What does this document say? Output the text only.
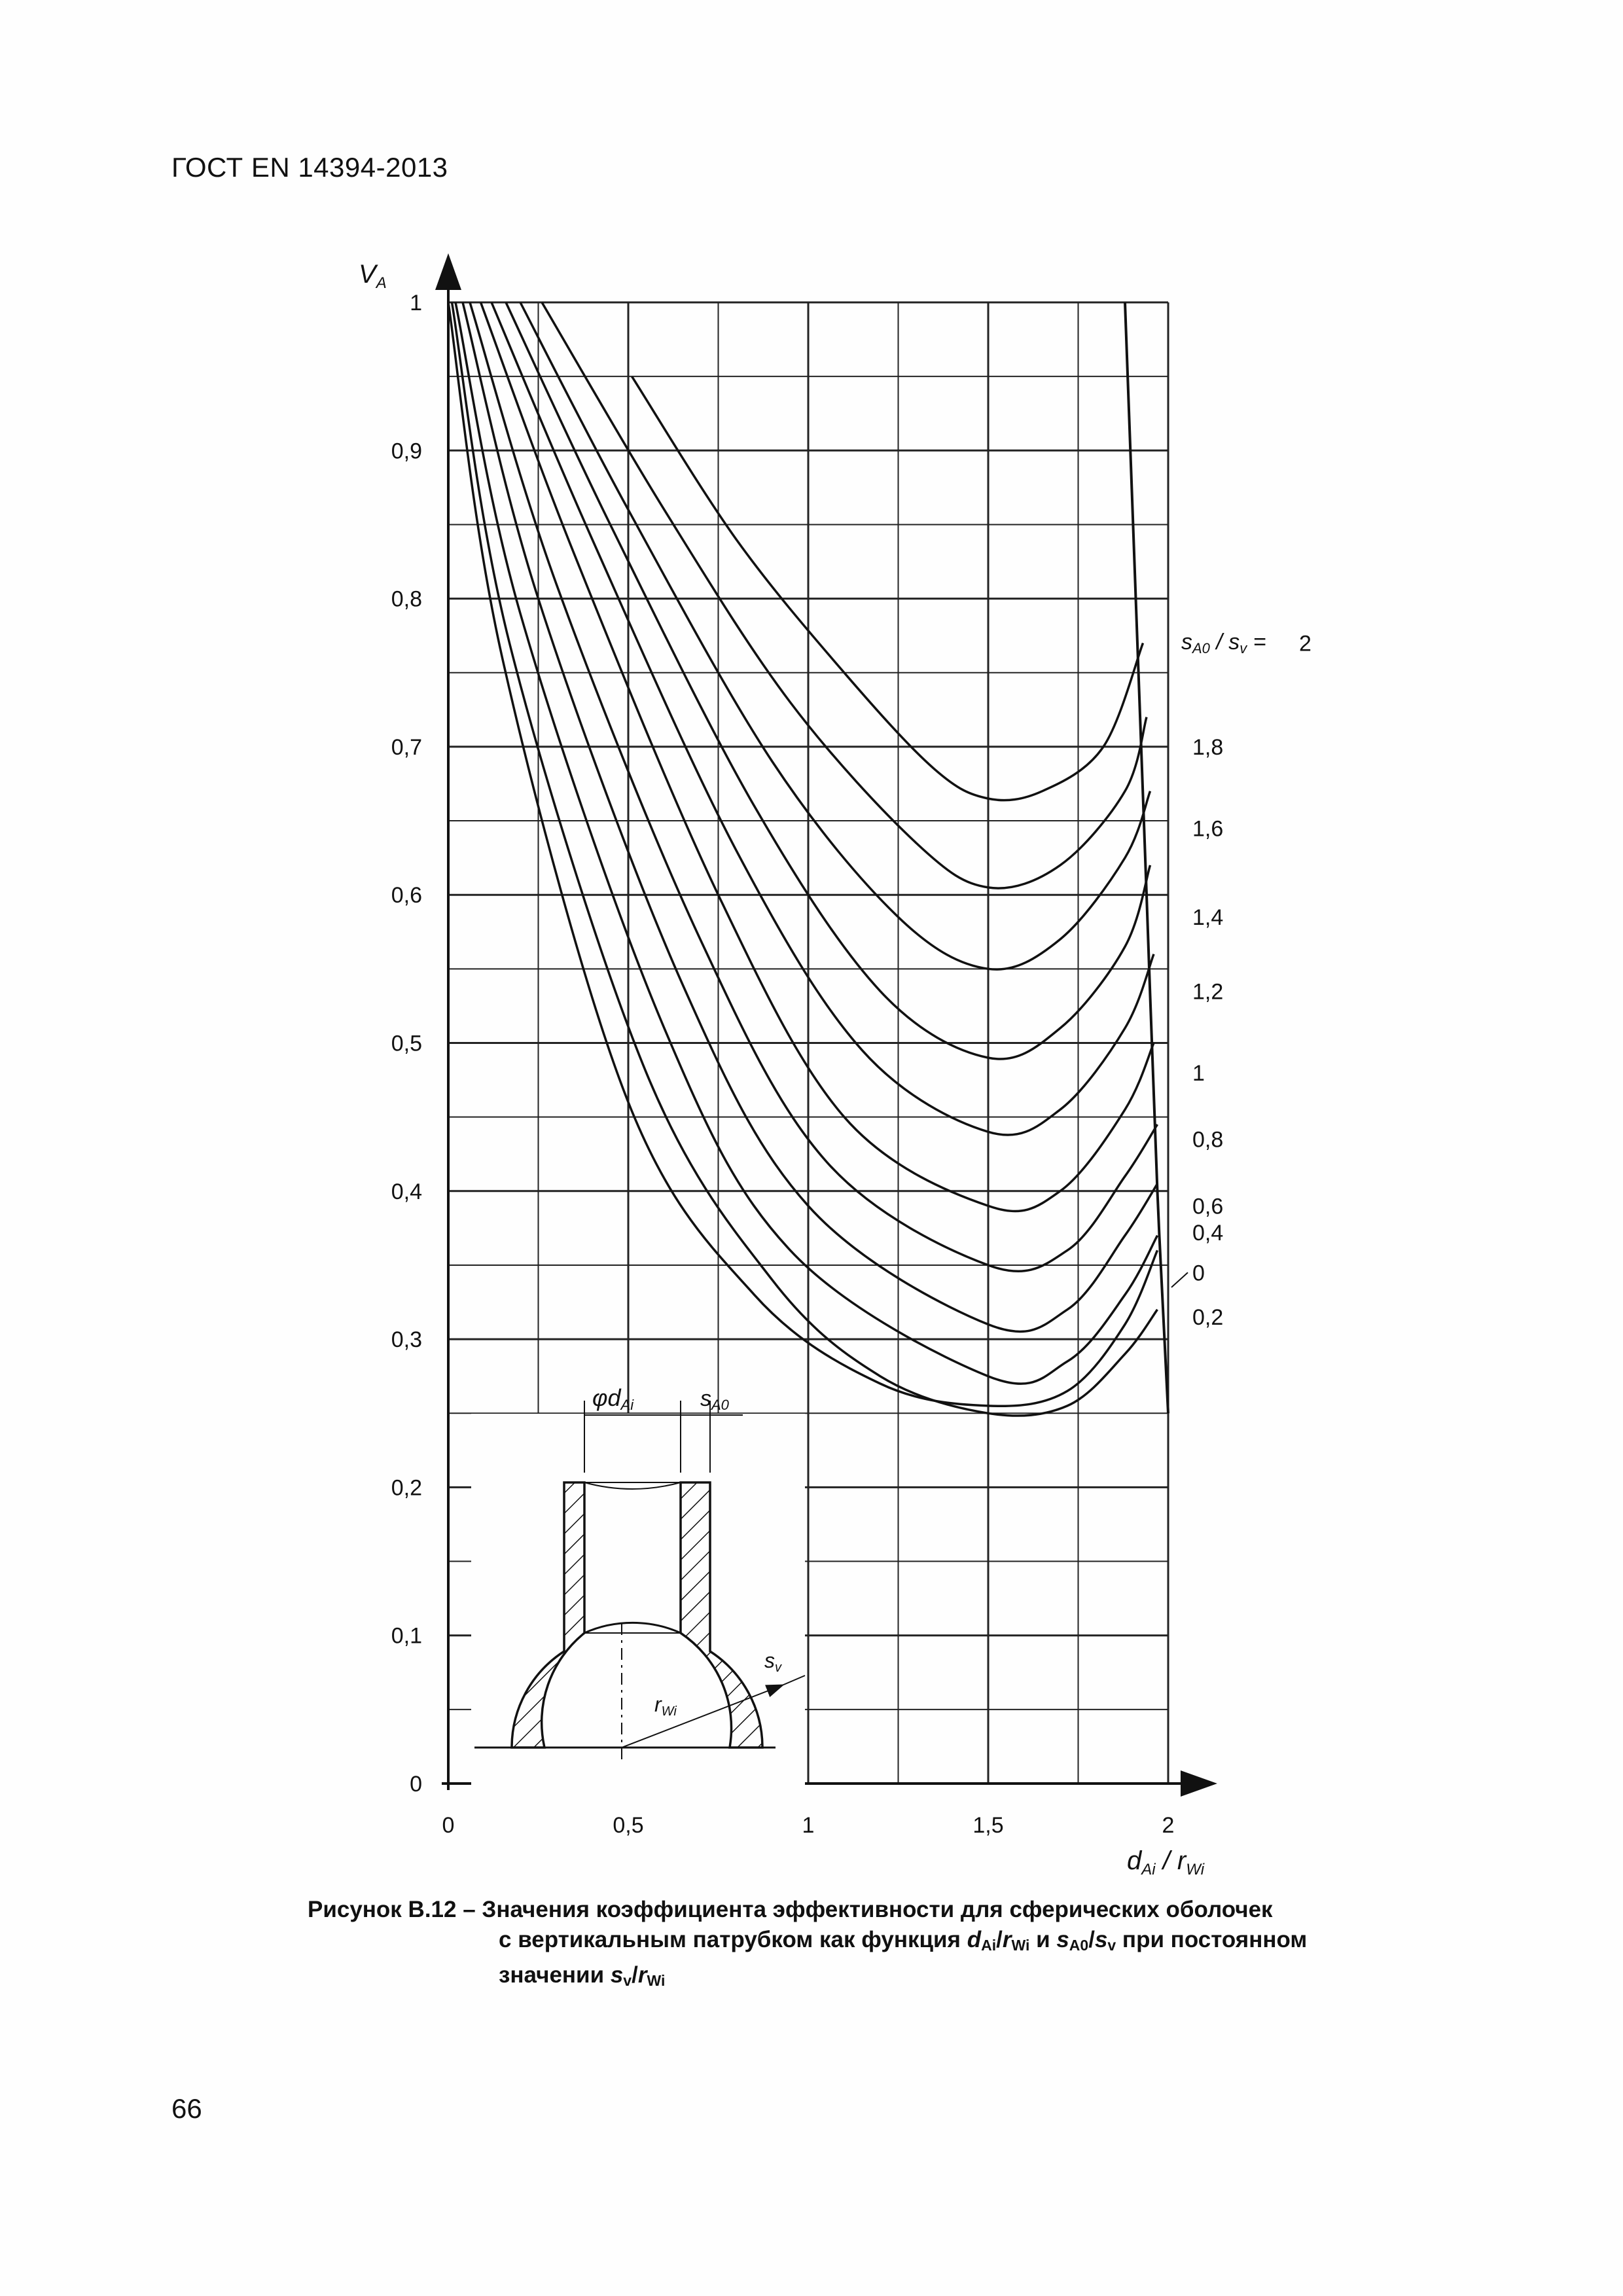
ГОСТ EN 14394-2013
0
0,1
0,2
0,3
0,4
0,5
0,6
0,7
0,8
0,9
1
0	0,5	1	1,5	2
φdAi	sA0
sv
rWi
2
1,8
1,6
1,4
1,2
1
0,8
0,6
0,4
0,2
0
$V_A$
$d_{Ai} / r_{Wi}$
sA0 / sv =
Рисунок В.12 – Значения коэффициента эффективности для сферических оболочек
с вертикальным патрубком как функция $d_{Ai}/r_{Wi}$ и $s_{A0}/s_v$ при постоянном
значении $s_v/r_{Wi}$
66
